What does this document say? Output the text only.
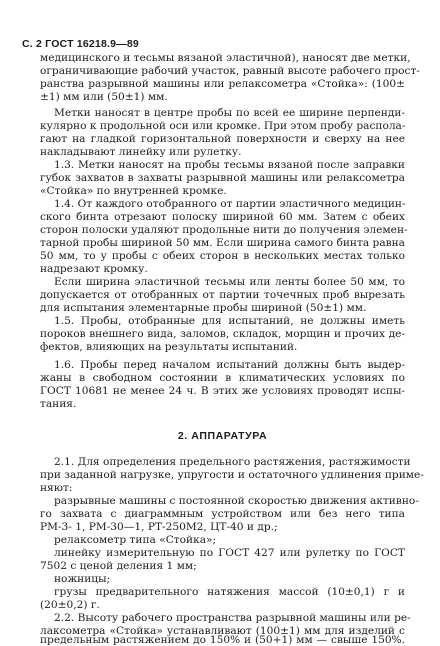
С. 2 ГОСТ 16218.9—89
медицинского и тесьмы вязаной эластичной), наносят две метки,
ограничивающие рабочий участок, равный высоте рабочего прост-
ранства разрывной машины или релаксометра «Стойка»: (100±
±1) мм или (50±1) мм.
Метки наносят в центре пробы по всей ее ширине перпенди-
кулярно к продольной оси или кромке. При этом пробу распола-
гают на гладкой горизонтальной поверхности и сверху на нее
накладывают линейку или рулетку.
1.3. Метки наносят на пробы тесьмы вязаной после заправки
губок захватов в захваты разрывной машины или релаксометра
«Стойка» по внутренней кромке.
1.4. От каждого отобранного от партии эластичного медицин-
ского бинта отрезают полоску шириной 60 мм. Затем с обеих
сторон полоски удаляют продольные нити до получения элемен-
тарной пробы шириной 50 мм. Если ширина самого бинта равна
50 мм, то у пробы с обеих сторон в нескольких местах только
надрезают кромку.
Если ширина эластичной тесьмы или ленты более 50 мм, то
допускается от отобранных от партии точечных проб вырезать
для испытания элементарные пробы шириной (50±1) мм.
1.5. Пробы, отобранные для испытаний, не должны иметь
пороков внешнего вида, заломов, складок, морщин и прочих де-
фектов, влияющих на результаты испытаний.
1.6. Пробы перед началом испытаний должны быть выдер-
жаны в свободном состоянии в климатических условиях по
ГОСТ 10681 не менее 24 ч. В этих же условиях проводят испы-
тания.
2. АППАРАТУРА
2.1. Для определения предельного растяжения, растяжимости
при заданной нагрузке, упругости и остаточного удлинения приме-
няют:
разрывные машины с постоянной скоростью движения активно-
го захвата с диаграммным устройством или без него типа
РМ-3- 1, РМ-30—1, РТ-250М2, ЦТ-40 и др.;
релаксометр типа «Стойка»;
линейку измерительную по ГОСТ 427 или рулетку по ГОСТ
7502 с ценой деления 1 мм;
ножницы;
грузы предварительного натяжения массой (10±0,1) г и
(20±0,2) г.
2.2. Высоту рабочего пространства разрывной машины или ре-
лаксометра «Стойка» устанавливают (100±1) мм для изделий с
предельным растяжением до 150% и (50+1) мм — свыше 150%.
